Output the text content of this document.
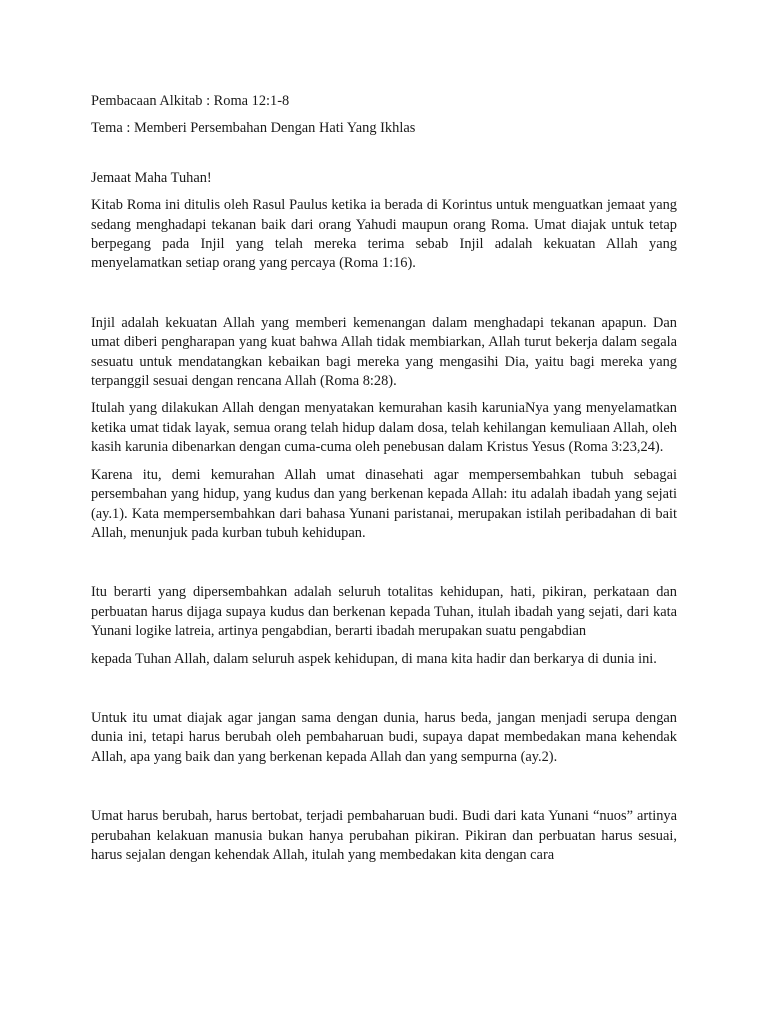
Pembacaan Alkitab : Roma 12:1-8

Tema : Memberi Persembahan Dengan Hati Yang Ikhlas

Jemaat Maha Tuhan!

Kitab Roma ini ditulis oleh Rasul Paulus ketika ia berada di Korintus untuk menguatkan jemaat yang sedang menghadapi tekanan baik dari orang Yahudi maupun orang Roma. Umat diajak untuk tetap berpegang pada Injil yang telah mereka terima sebab Injil adalah kekuatan Allah yang menyelamatkan setiap orang yang percaya (Roma 1:16).

Injil adalah kekuatan Allah yang memberi kemenangan dalam menghadapi tekanan apapun. Dan umat diberi pengharapan yang kuat bahwa Allah tidak membiarkan, Allah turut bekerja dalam segala sesuatu untuk mendatangkan kebaikan bagi mereka yang mengasihi Dia, yaitu bagi mereka yang terpanggil sesuai dengan rencana Allah (Roma 8:28).

Itulah yang dilakukan Allah dengan menyatakan kemurahan kasih karuniaNya yang menyelamatkan ketika umat tidak layak, semua orang telah hidup dalam dosa, telah kehilangan kemuliaan Allah, oleh kasih karunia dibenarkan dengan cuma-cuma oleh penebusan dalam Kristus Yesus (Roma 3:23,24).

Karena itu, demi kemurahan Allah umat dinasehati agar mempersembahkan tubuh sebagai persembahan yang hidup, yang kudus dan yang berkenan kepada Allah: itu adalah ibadah yang sejati (ay.1). Kata mempersembahkan dari bahasa Yunani paristanai, merupakan istilah peribadahan di bait Allah, menunjuk pada kurban tubuh kehidupan.

Itu berarti yang dipersembahkan adalah seluruh totalitas kehidupan, hati, pikiran, perkataan dan perbuatan harus dijaga supaya kudus dan berkenan kepada Tuhan, itulah ibadah yang sejati, dari kata Yunani logike latreia, artinya pengabdian, berarti ibadah merupakan suatu pengabdian

kepada Tuhan Allah, dalam seluruh aspek kehidupan, di mana kita hadir dan berkarya di dunia ini.

Untuk itu umat diajak agar jangan sama dengan dunia, harus beda, jangan menjadi serupa dengan dunia ini, tetapi harus berubah oleh pembaharuan budi, supaya dapat membedakan mana kehendak Allah, apa yang baik dan yang berkenan kepada Allah dan yang sempurna (ay.2).

Umat harus berubah, harus bertobat, terjadi pembaharuan budi. Budi dari kata Yunani “nuos” artinya perubahan kelakuan manusia bukan hanya perubahan pikiran. Pikiran dan perbuatan harus sesuai, harus sejalan dengan kehendak Allah, itulah yang membedakan kita dengan cara
